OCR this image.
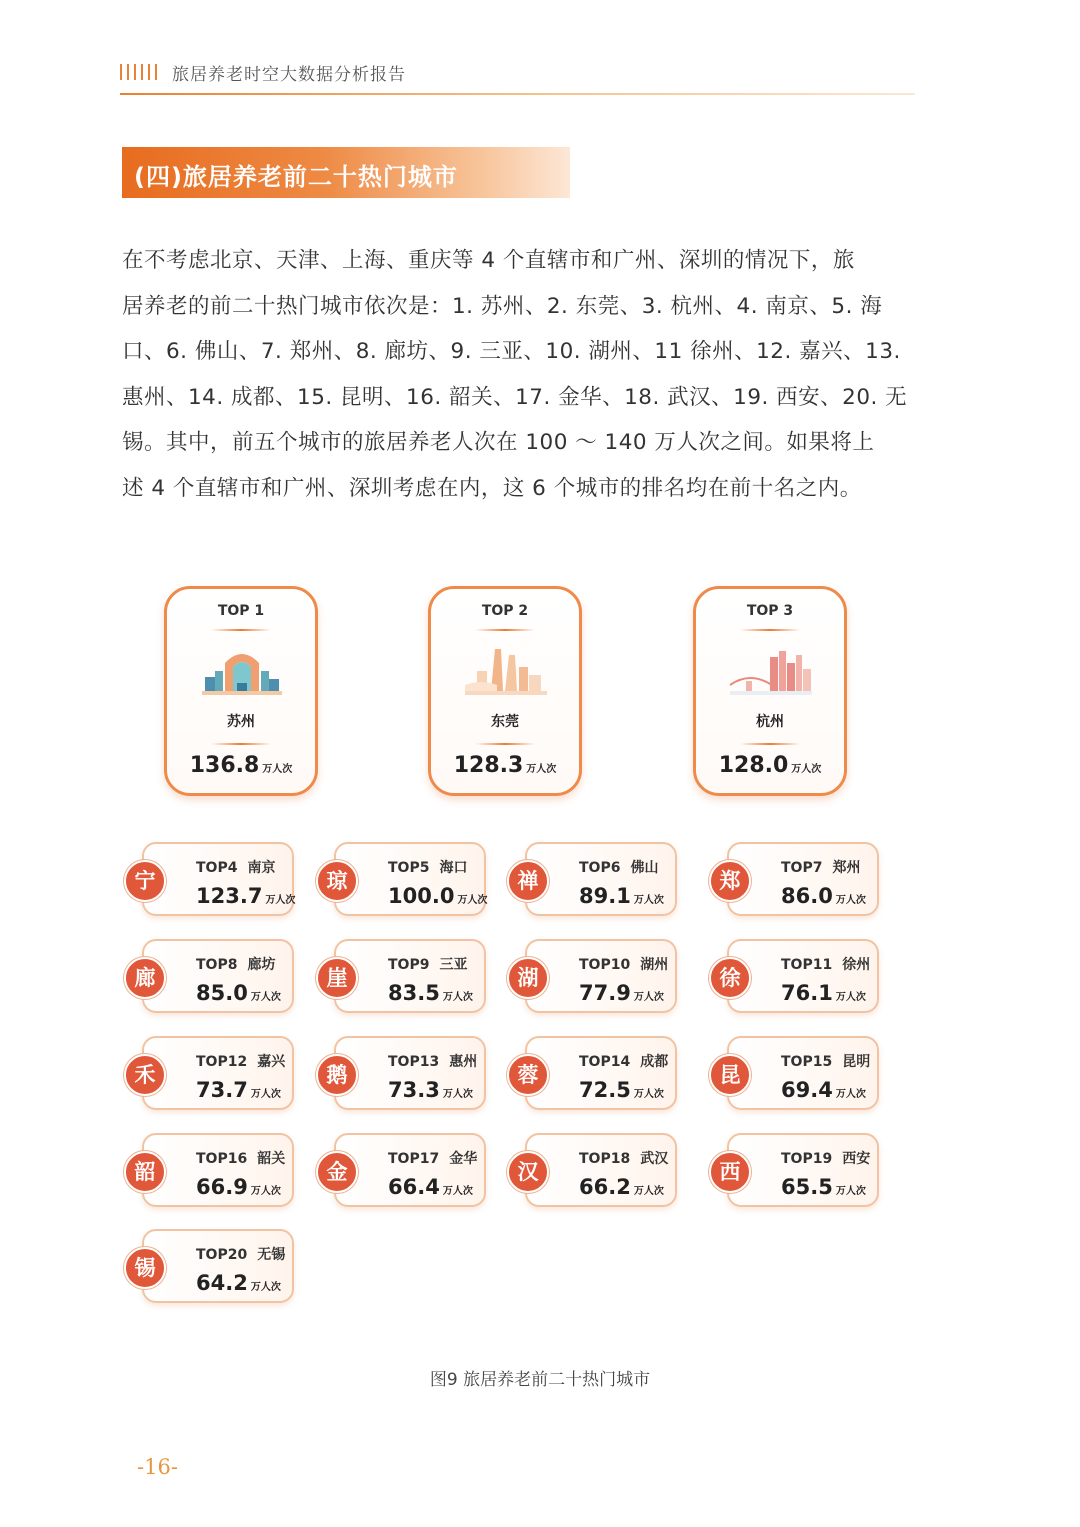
旅居养老时空大数据分析报告
(四)旅居养老前二十热门城市

在不考虑北京、天津、上海、重庆等 4 个直辖市和广州、深圳的情况下，旅

居养老的前二十热门城市依次是：1. 苏州、2. 东莞、3. 杭州、4. 南京、5. 海

口、6. 佛山、7. 郑州、8. 廊坊、9. 三亚、10. 湖州、11 徐州、12. 嘉兴、13.

惠州、14. 成都、15. 昆明、16. 韶关、17. 金华、18. 武汉、19. 西安、20. 无

锡。其中，前五个城市的旅居养老人次在 100 ～ 140 万人次之间。如果将上

述 4 个直辖市和广州、深圳考虑在内，这 6 个城市的排名均在前十名之内。

TOP 1
苏州
136.8 万人次
TOP 2
东莞
128.3 万人次
TOP 3
杭州
128.0 万人次
TOP4 南京
123.7 万人次
宁
TOP5 海口
100.0 万人次
琼
TOP6 佛山
89.1 万人次
禅
TOP7 郑州
86.0 万人次
郑
TOP8 廊坊
85.0 万人次
廊
TOP9 三亚
83.5 万人次
崖
TOP10 湖州
77.9 万人次
湖
TOP11 徐州
76.1 万人次
徐
TOP12 嘉兴
73.7 万人次
禾
TOP13 惠州
73.3 万人次
鹅
TOP14 成都
72.5 万人次
蓉
TOP15 昆明
69.4 万人次
昆
TOP16 韶关
66.9 万人次
韶
TOP17 金华
66.4 万人次
金
TOP18 武汉
66.2 万人次
汉
TOP19 西安
65.5 万人次
西
TOP20 无锡
64.2 万人次
锡
图9 旅居养老前二十热门城市
-16-
